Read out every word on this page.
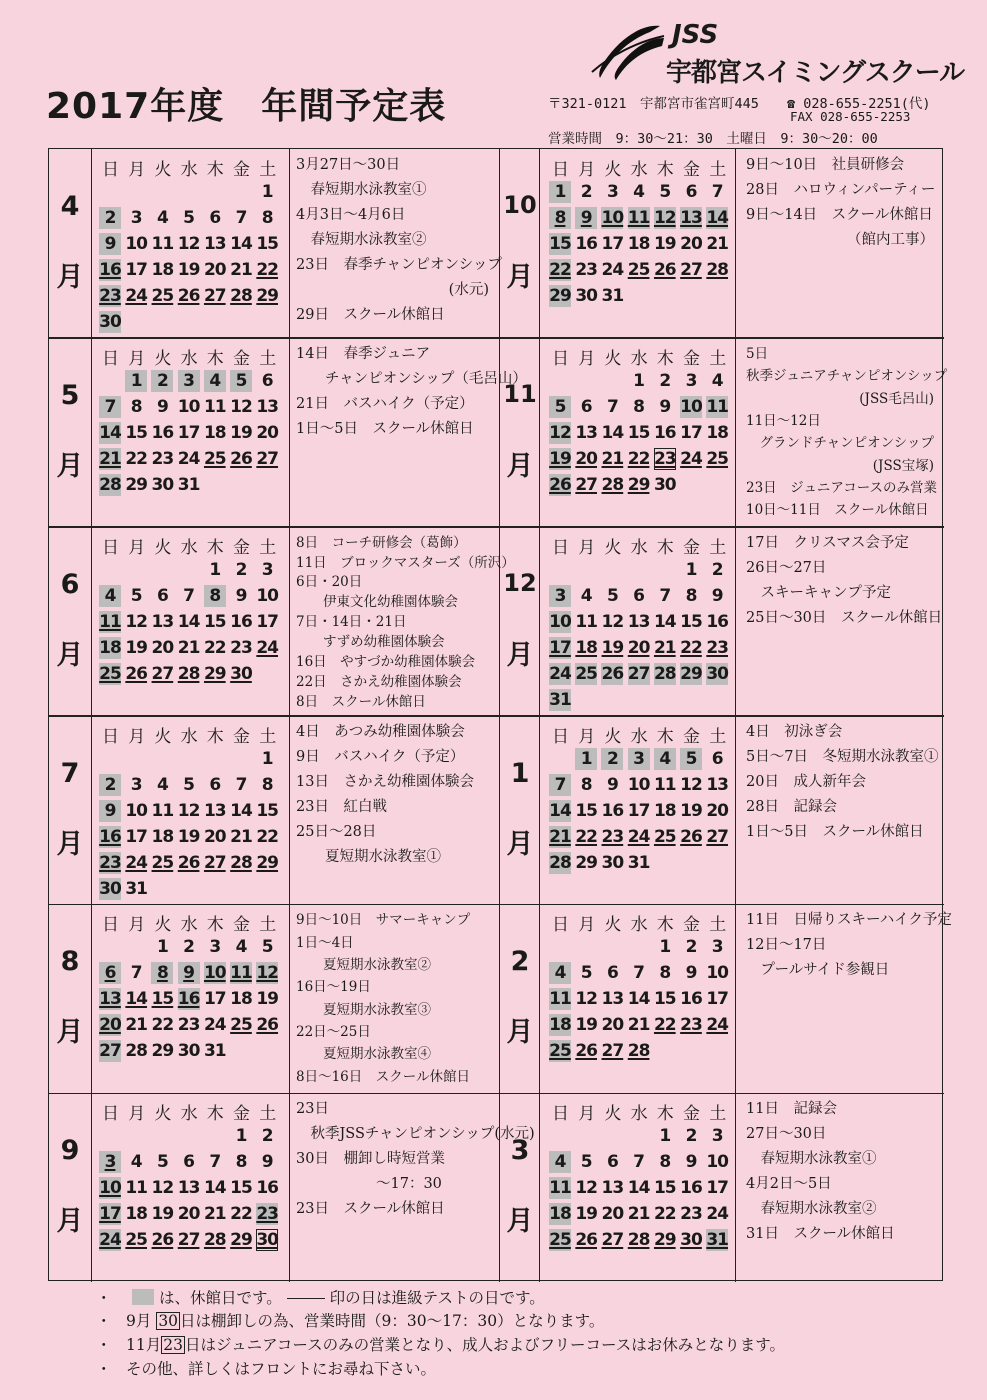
2017年度　年間予定表
JSS
宇都宮スイミングスクール
〒321-0121　宇都宮市雀宮町445 ☎ 028-655-2251(代)
FAX 028-655-2253
営業時間　9：30～21：30　土曜日　9：30～20：00
4
月
日 月 火 水 木 金 土
1
2 3 4 5 6 7 8
9 10 11 12 13 14 15
16 17 18 19 20 21 22
23 24 25 26 27 28 29
30
3月27日～30日
　春短期水泳教室①
4月3日～4月6日
　春短期水泳教室②
23日　春季チャンピオンシップ
(水元)
29日　スクール休館日
5
月
日 月 火 水 木 金 土
1 2 3 4 5 6
7 8 9 10 11 12 13
14 15 16 17 18 19 20
21 22 23 24 25 26 27
28 29 30 31
14日　春季ジュニア
　　チャンピオンシップ（毛呂山）
21日　バスハイク（予定）
1日～5日　スクール休館日
6
月
日 月 火 水 木 金 土
1 2 3
4 5 6 7 8 9 10
11 12 13 14 15 16 17
18 19 20 21 22 23 24
25 26 27 28 29 30
8日　コーチ研修会（葛飾）
11日　ブロックマスターズ（所沢）
6日・20日
　　伊東文化幼稚園体験会
7日・14日・21日
　　すずめ幼稚園体験会
16日　やすづか幼稚園体験会
22日　さかえ幼稚園体験会
8日　スクール休館日
7
月
日 月 火 水 木 金 土
1
2 3 4 5 6 7 8
9 10 11 12 13 14 15
16 17 18 19 20 21 22
23 24 25 26 27 28 29
30 31
4日　あつみ幼稚園体験会
9日　バスハイク（予定）
13日　さかえ幼稚園体験会
23日　紅白戦
25日～28日
　　夏短期水泳教室①
8
月
日 月 火 水 木 金 土
1 2 3 4 5
6 7 8 9 10 11 12
13 14 15 16 17 18 19
20 21 22 23 24 25 26
27 28 29 30 31
9日～10日　サマーキャンプ
1日～4日
　　夏短期水泳教室②
16日～19日
　　夏短期水泳教室③
22日～25日
　　夏短期水泳教室④
8日～16日　スクール休館日
9
月
日 月 火 水 木 金 土
1 2
3 4 5 6 7 8 9
10 11 12 13 14 15 16
17 18 19 20 21 22 23
24 25 26 27 28 29 30
23日
　秋季JSSチャンピオンシップ(水元)
30日　棚卸し時短営業
～17：30
23日　スクール休館日
10
月
日 月 火 水 木 金 土
1 2 3 4 5 6 7
8 9 10 11 12 13 14
15 16 17 18 19 20 21
22 23 24 25 26 27 28
29 30 31
9日～10日　社員研修会
28日　ハロウィンパーティー
9日～14日　スクール休館日
（館内工事）
11
月
日 月 火 水 木 金 土
1 2 3 4
5 6 7 8 9 10 11
12 13 14 15 16 17 18
19 20 21 22 23 24 25
26 27 28 29 30
5日
秋季ジュニアチャンピオンシップ
(JSS毛呂山)
11日～12日
　グランドチャンピオンシップ
(JSS宝塚)
23日　ジュニアコースのみ営業
10日～11日　スクール休館日
12
月
日 月 火 水 木 金 土
1 2
3 4 5 6 7 8 9
10 11 12 13 14 15 16
17 18 19 20 21 22 23
24 25 26 27 28 29 30
31
17日　クリスマス会予定
26日～27日
　スキーキャンプ予定
25日～30日　スクール休館日
1
月
日 月 火 水 木 金 土
1 2 3 4 5 6
7 8 9 10 11 12 13
14 15 16 17 18 19 20
21 22 23 24 25 26 27
28 29 30 31
4日　初泳ぎ会
5日～7日　冬短期水泳教室①
20日　成人新年会
28日　記録会
1日～5日　スクール休館日
2
月
日 月 火 水 木 金 土
1 2 3
4 5 6 7 8 9 10
11 12 13 14 15 16 17
18 19 20 21 22 23 24
25 26 27 28
11日　日帰りスキーハイク予定
12日～17日
　プールサイド参観日
3
月
日 月 火 水 木 金 土
1 2 3
4 5 6 7 8 9 10
11 12 13 14 15 16 17
18 19 20 21 22 23 24
25 26 27 28 29 30 31
11日　記録会
27日～30日
　春短期水泳教室①
4月2日～5日
　春短期水泳教室②
31日　スクール休館日
・	は、休館日です。	印の日は進級テストの日です。
・ 9月 30 日は棚卸しの為、営業時間（9：30～17：30）となります。
・ 11月 23 日はジュニアコースのみの営業となり、成人およびフリーコースはお休みとなります。
・ その他、詳しくはフロントにお尋ね下さい。
